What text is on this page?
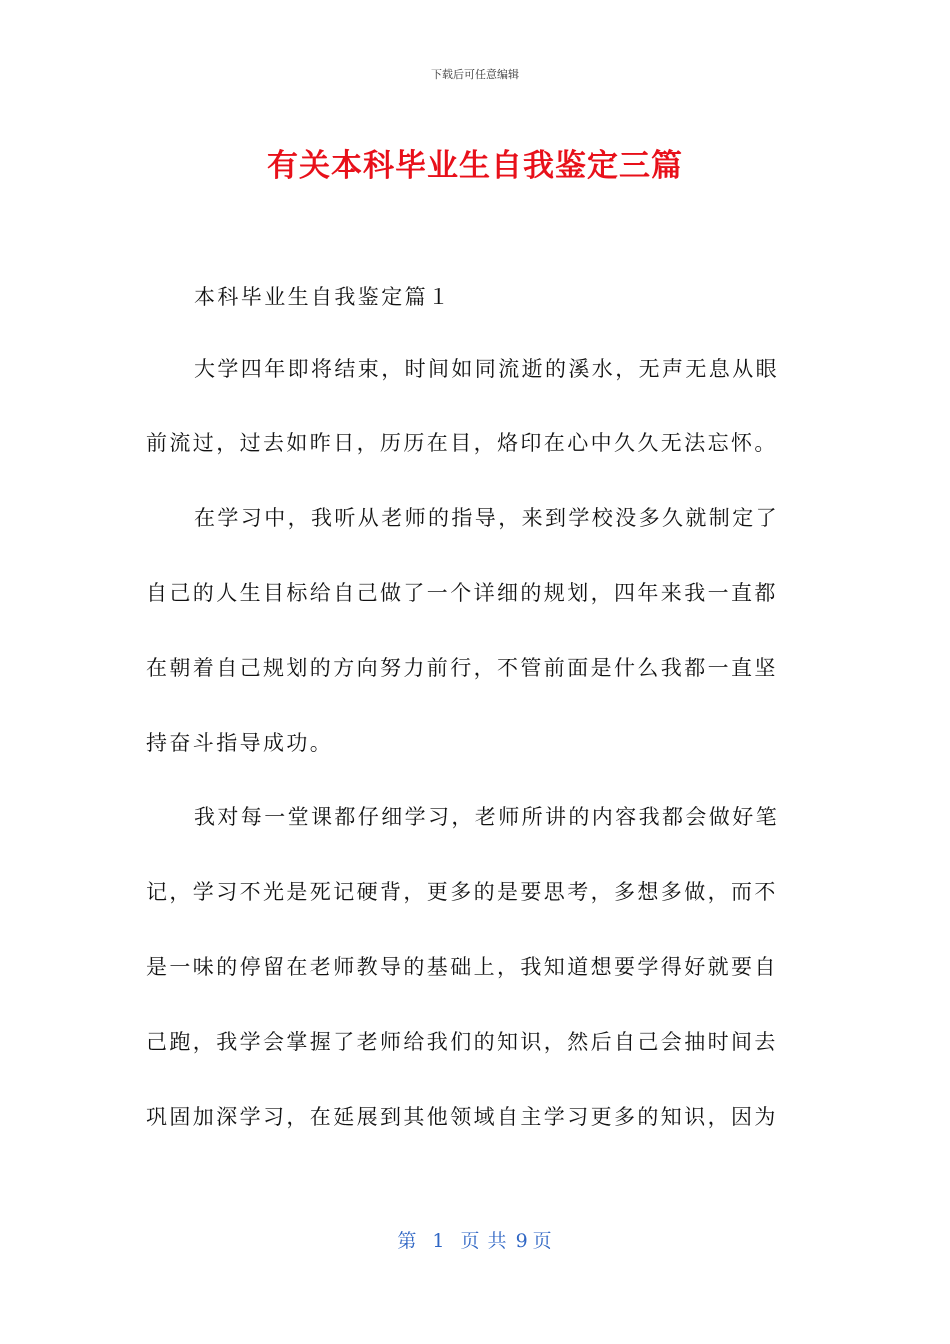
下载后可任意编辑
有关本科毕业生自我鉴定三篇
本科毕业生自我鉴定篇１
大学四年即将结束，时间如同流逝的溪水，无声无息从眼
前流过，过去如昨日，历历在目，烙印在心中久久无法忘怀。
在学习中，我听从老师的指导，来到学校没多久就制定了
自己的人生目标给自己做了一个详细的规划，四年来我一直都
在朝着自己规划的方向努力前行，不管前面是什么我都一直坚
持奋斗指导成功。
我对每一堂课都仔细学习，老师所讲的内容我都会做好笔
记，学习不光是死记硬背，更多的是要思考，多想多做，而不
是一味的停留在老师教导的基础上，我知道想要学得好就要自
己跑，我学会掌握了老师给我们的知识，然后自己会抽时间去
巩固加深学习，在延展到其他领域自主学习更多的知识，因为
第 1 页 共 9 页
